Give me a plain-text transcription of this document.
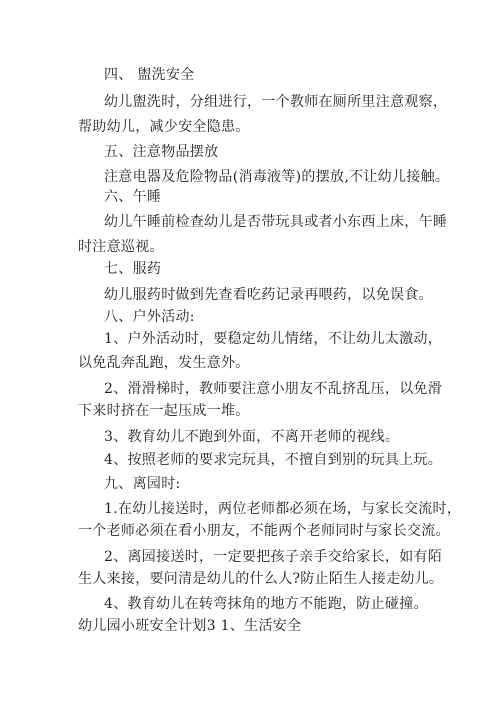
四、 盥洗安全
幼儿盥洗时，分组进行，一个教师在厕所里注意观察，
帮助幼儿，减少安全隐患。
五、注意物品摆放
注意电器及危险物品(消毒液等)的摆放,不让幼儿接触。
六、午睡
幼儿午睡前检查幼儿是否带玩具或者小东西上床，午睡
时注意巡视。
七、服药
幼儿服药时做到先查看吃药记录再喂药，以免误食。
八、户外活动:
1、户外活动时，要稳定幼儿情绪，不让幼儿太激动，
以免乱奔乱跑，发生意外。
2、滑滑梯时，教师要注意小朋友不乱挤乱压，以免滑
下来时挤在一起压成一堆。
3、教育幼儿不跑到外面，不离开老师的视线。
4、按照老师的要求完玩具，不擅自到别的玩具上玩。
九、离园时:
1.在幼儿接送时，两位老师都必须在场，与家长交流时，
一个老师必须在看小朋友，不能两个老师同时与家长交流。
2、离园接送时，一定要把孩子亲手交给家长，如有陌
生人来接，要问清是幼儿的什么人?防止陌生人接走幼儿。
4、教育幼儿在转弯抹角的地方不能跑，防止碰撞。
幼儿园小班安全计划3 1、生活安全
